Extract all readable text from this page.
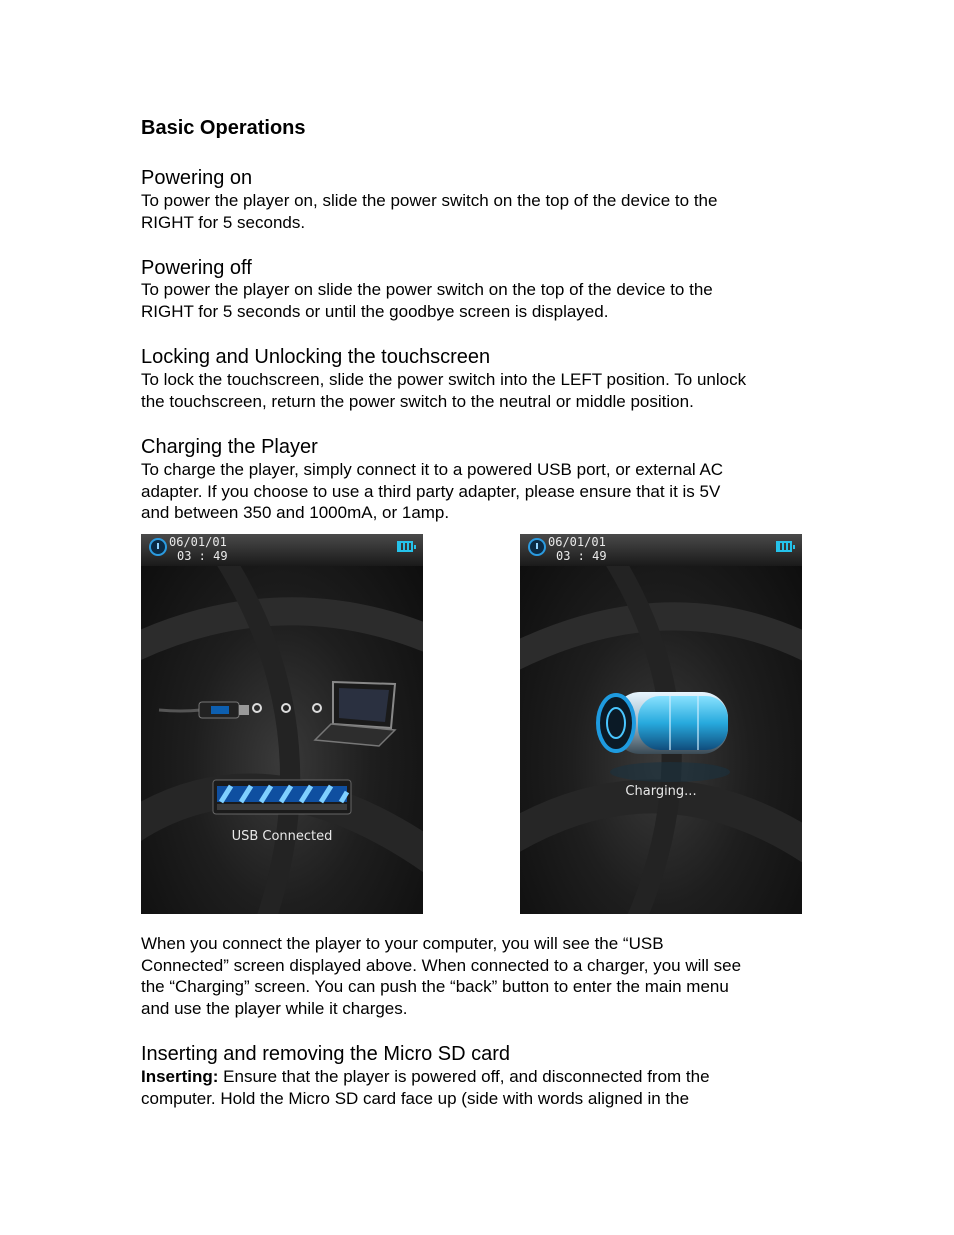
Basic Operations
Powering on

To power the player on, slide the power switch on the top of the device to the
RIGHT for 5 seconds.

Powering off

To power the player on slide the power switch on the top of the device to the
RIGHT for 5 seconds or until the goodbye screen is displayed.

Locking and Unlocking the touchscreen

To lock the touchscreen, slide the power switch into the LEFT position. To unlock
the touchscreen, return the power switch to the neutral or middle position.

Charging the Player

To charge the player, simply connect it to a powered USB port, or external AC
adapter. If you choose to use a third party adapter, please ensure that it is 5V
and between 350 and 1000mA, or 1amp.

06/01/01
03 : 49
USB Connected
06/01/01
03 : 49
Charging...

When you connect the player to your computer, you will see the “USB
Connected” screen displayed above. When connected to a charger, you will see
the “Charging” screen. You can push the “back” button to enter the main menu
and use the player while it charges.

Inserting and removing the Micro SD card

Inserting: Ensure that the player is powered off, and disconnected from the
computer. Hold the Micro SD card face up (side with words aligned in the
